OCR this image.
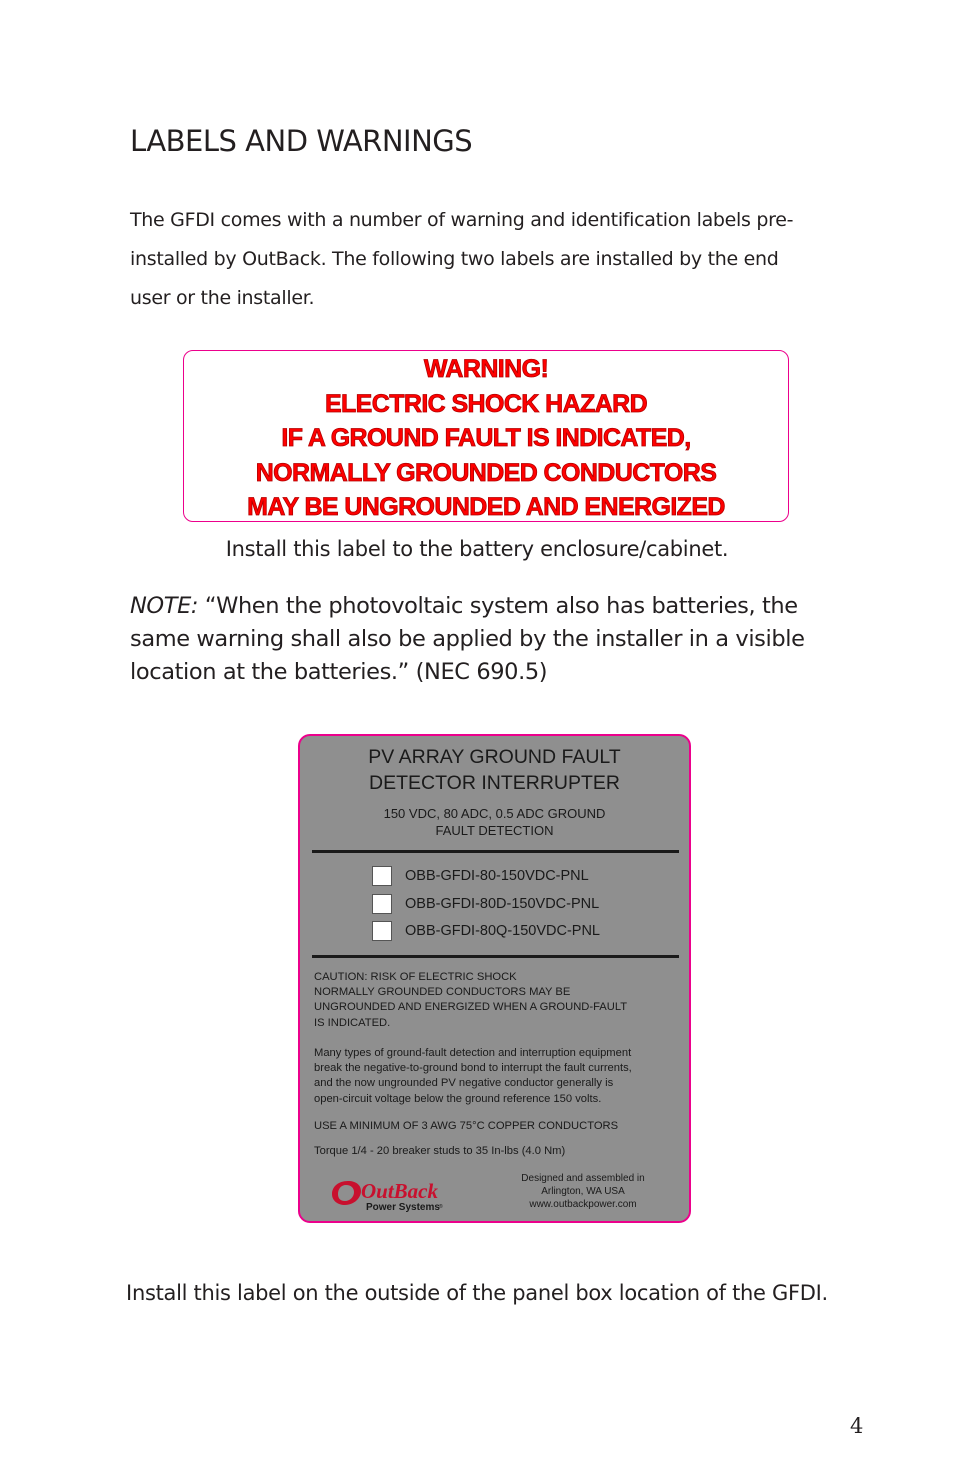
LABELS AND WARNINGS

The GFDI comes with a number of warning and identification labels pre-
installed by OutBack. The following two labels are installed by the end
user or the installer.

WARNING!
ELECTRIC SHOCK HAZARD
IF A GROUND FAULT IS INDICATED,
NORMALLY GROUNDED CONDUCTORS
MAY BE UNGROUNDED AND ENERGIZED

Install this label to the battery enclosure/cabinet.

NOTE: “When the photovoltaic system also has batteries, the
same warning shall also be applied by the installer in a visible
location at the batteries.” (NEC 690.5)

PV ARRAY GROUND FAULT
DETECTOR INTERRUPTER
150 VDC, 80 ADC, 0.5 ADC GROUND
FAULT DETECTION
OBB-GFDI-80-150VDC-PNL
OBB-GFDI-80D-150VDC-PNL
OBB-GFDI-80Q-150VDC-PNL
CAUTION: RISK OF ELECTRIC SHOCK
NORMALLY GROUNDED CONDUCTORS MAY BE
UNGROUNDED AND ENERGIZED WHEN A GROUND-FAULT
IS INDICATED.
Many types of ground-fault detection and interruption equipment
break the negative-to-ground bond to interrupt the fault currents,
and the now ungrounded PV negative conductor generally is
open-circuit voltage below the ground reference 150 volts.
USE A MINIMUM OF 3 AWG 75°C COPPER CONDUCTORS
Torque 1/4 - 20 breaker studs to 35 In-lbs (4.0 Nm)
OutBack
Power Systems ®
Designed and assembled in
Arlington, WA USA
www.outbackpower.com

Install this label on the outside of the panel box location of the GFDI.

4
